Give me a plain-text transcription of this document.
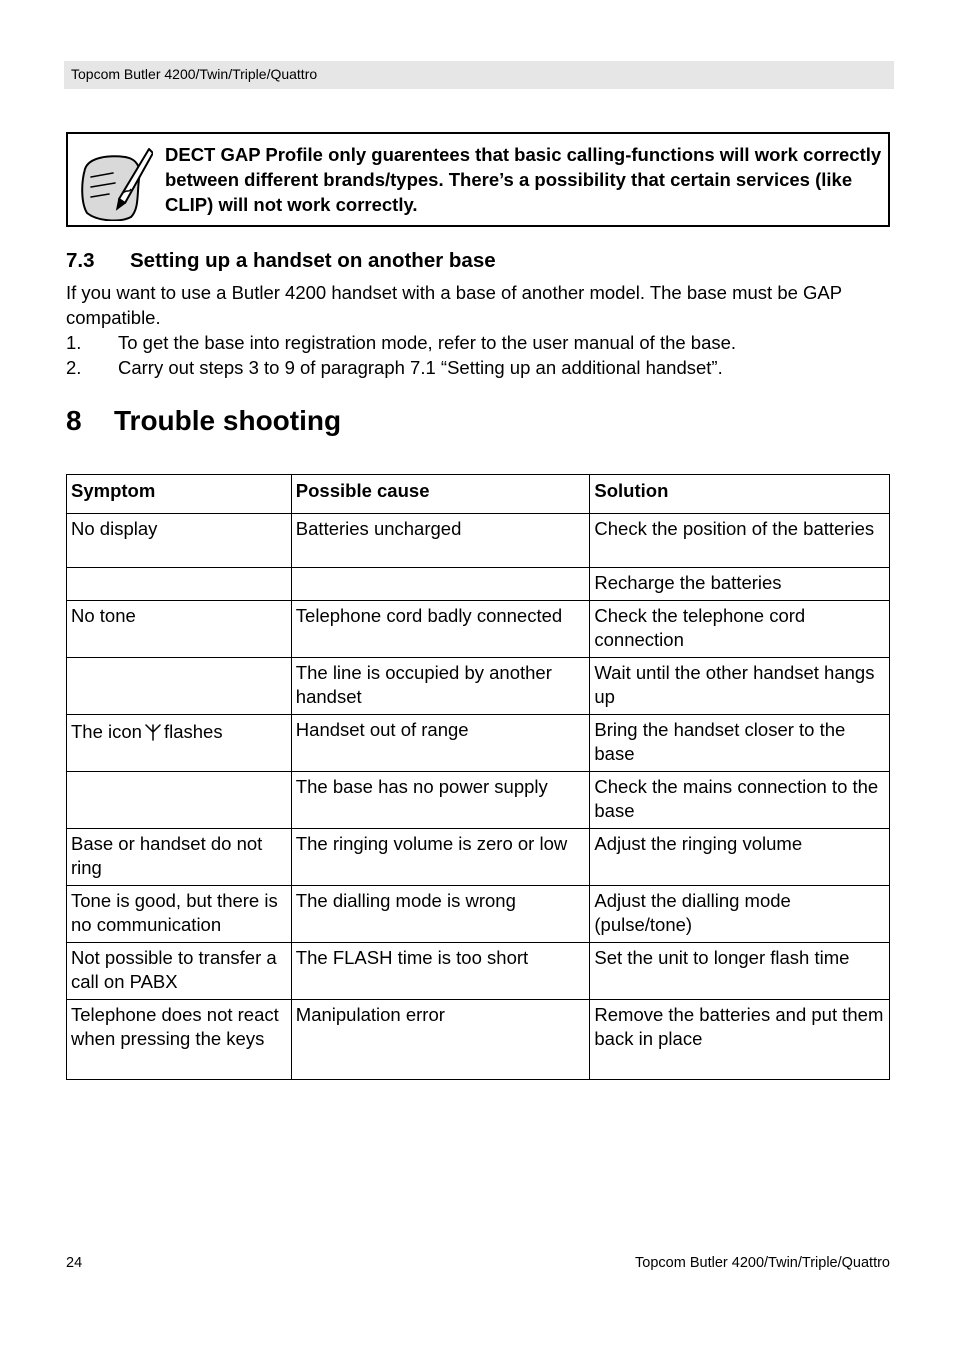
Topcom Butler 4200/Twin/Triple/Quattro
DECT GAP Profile only guarentees that basic calling-functions will work correctly between different brands/types. There’s a possibility that certain services (like CLIP) will not work correctly.
7.3 Setting up a handset on another base
If you want to use a Butler 4200 handset with a base of another model. The base must be GAP compatible.
1. To get the base into registration mode, refer to the user manual of the base.
2. Carry out steps 3 to 9 of paragraph 7.1 “Setting up an additional handset”.
8 Trouble shooting
Symptom	Possible cause	Solution
No display	Batteries uncharged	Check the position of the batteries
		Recharge the batteries
No tone	Telephone cord badly connected	Check the telephone cord connection
	The line is occupied by another handset	Wait until the other handset hangs up
The icon flashes	Handset out of range	Bring the handset closer to the base
	The base has no power supply	Check the mains connection to the base
Base or handset do not ring	The ringing volume is zero or low	Adjust the ringing volume
Tone is good, but there is no communication	The dialling mode is wrong	Adjust the dialling mode (pulse/tone)
Not possible to transfer a call on PABX	The FLASH time is too short	Set the unit to longer flash time
Telephone does not react when pressing the keys	Manipulation error	Remove the batteries and put them back in place
24	Topcom Butler 4200/Twin/Triple/Quattro
